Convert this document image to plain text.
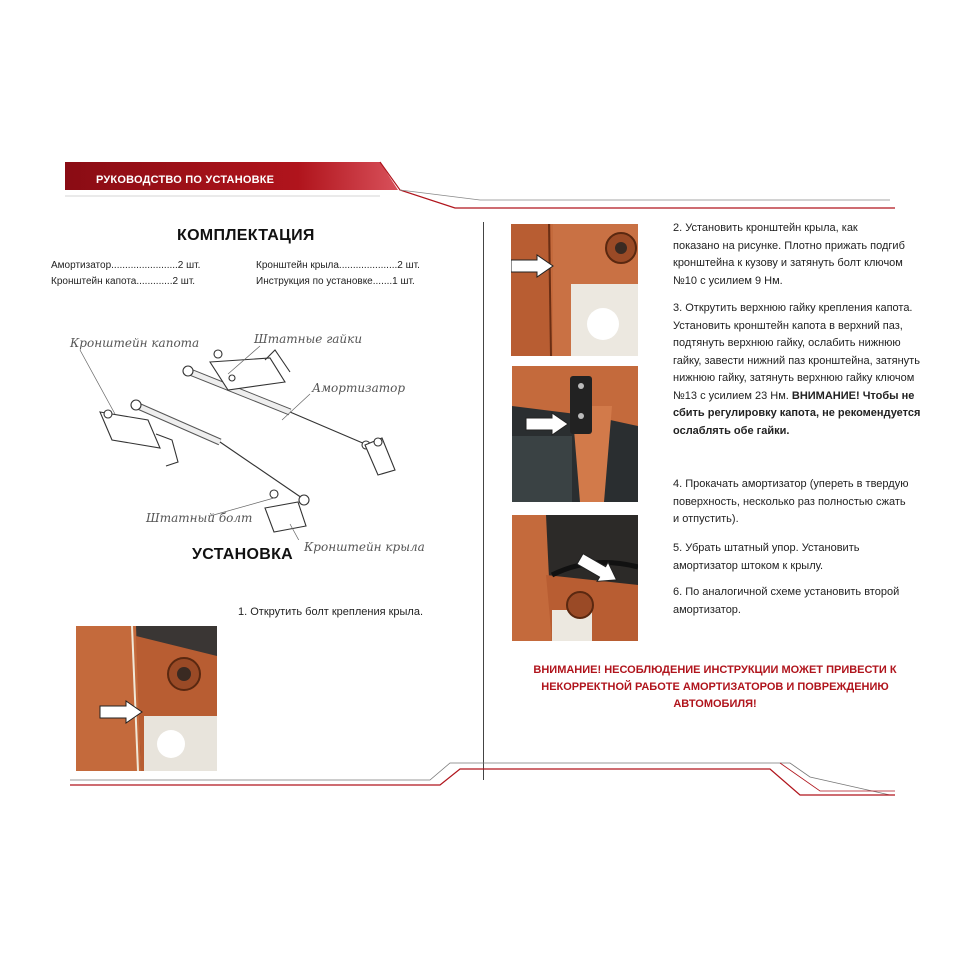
РУКОВОДСТВО ПО УСТАНОВКЕ
КОМПЛЕКТАЦИЯ
Амортизатор........................2 шт.
Кронштейн капота.............2 шт.
Кронштейн крыла.....................2 шт.
Инструкция по установке.......1 шт.
Кронштейн капота	Штатные гайки
Амортизатор
Штатный болт
Кронштейн крыла
УСТАНОВКА
1. Открутить болт крепления крыла.
2. Установить кронштейн крыла, как показано на рисунке. Плотно прижать подгиб кронштейна к кузову и затянуть болт ключом №10 с усилием 9 Нм.
3. Открутить верхнюю гайку крепления капота. Установить кронштейн капота в верхний паз, подтянуть верхнюю гайку, ослабить нижнюю гайку, завести нижний паз кронштейна, затянуть нижнюю гайку, затянуть верхнюю гайку ключом №13 с усилием 23 Нм. ВНИМАНИЕ! Чтобы не сбить регулировку капота, не рекомендуется ослаблять обе гайки.
4. Прокачать амортизатор (упереть в твердую поверхность, несколько раз полностью сжать и отпустить).
5. Убрать штатный упор. Установить амортизатор штоком к крылу.
6. По аналогичной схеме установить второй амортизатор.
ВНИМАНИЕ! НЕСОБЛЮДЕНИЕ ИНСТРУКЦИИ МОЖЕТ ПРИВЕСТИ К НЕКОРРЕКТНОЙ РАБОТЕ АМОРТИЗАТОРОВ И ПОВРЕЖДЕНИЮ АВТОМОБИЛЯ!
